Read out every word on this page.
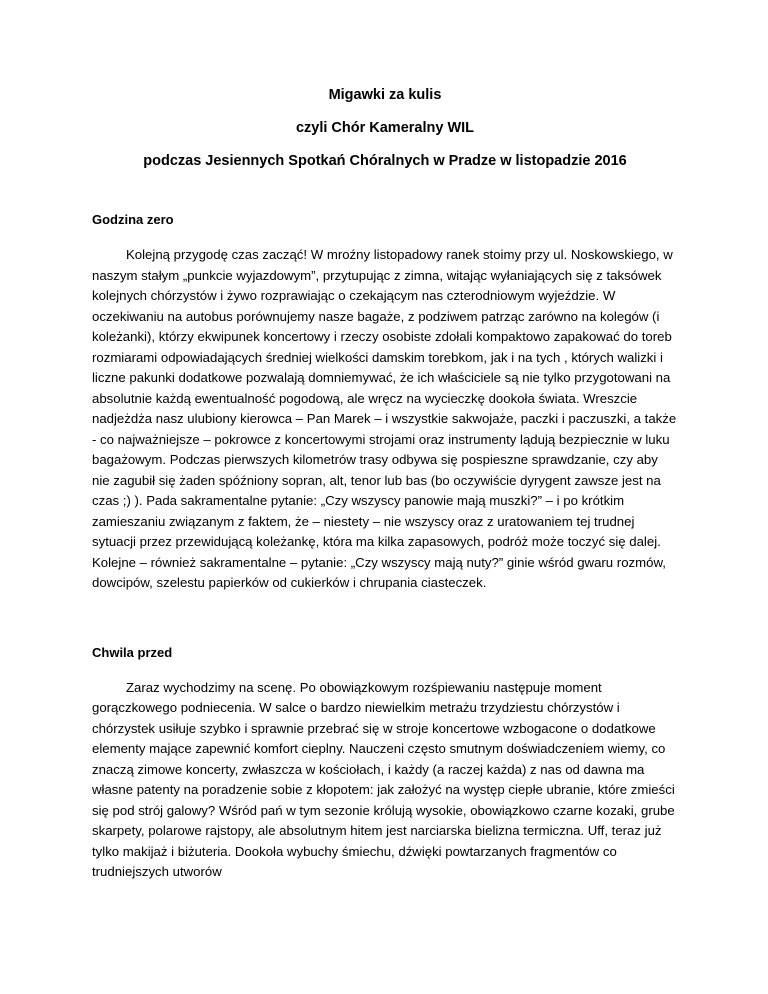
Migawki za kulis

czyli Chór Kameralny WIL

podczas Jesiennych Spotkań Chóralnych w Pradze w listopadzie 2016

Godzina zero

Kolejną przygodę czas zacząć! W mroźny listopadowy ranek stoimy przy ul. Noskowskiego, w naszym stałym „punkcie wyjazdowym”, przytupując z zimna, witając wyłaniających się z taksówek kolejnych chórzystów i żywo rozprawiając o czekającym nas czterodniowym wyjeździe. W oczekiwaniu na autobus porównujemy nasze bagaże, z podziwem patrząc zarówno na kolegów (i koleżanki), którzy ekwipunek koncertowy i rzeczy osobiste zdołali kompaktowo zapakować do toreb rozmiarami odpowiadających średniej wielkości damskim torebkom, jak i na tych , których walizki i liczne pakunki dodatkowe pozwalają domniemywać, że ich właściciele są nie tylko przygotowani na absolutnie każdą ewentualność pogodową, ale wręcz na wycieczkę dookoła świata. Wreszcie nadjeżdża nasz ulubiony kierowca – Pan Marek – i wszystkie sakwojaże, paczki i paczuszki, a także - co najważniejsze – pokrowce z koncertowymi strojami oraz instrumenty lądują bezpiecznie w luku bagażowym. Podczas pierwszych kilometrów trasy odbywa się pospieszne sprawdzanie, czy aby nie zagubił się żaden spóźniony sopran, alt, tenor lub bas (bo oczywiście dyrygent zawsze jest na czas ;) ). Pada sakramentalne pytanie: „Czy wszyscy panowie mają muszki?” – i po krótkim zamieszaniu związanym z faktem, że – niestety – nie wszyscy oraz z uratowaniem tej trudnej sytuacji przez przewidującą koleżankę, która ma kilka zapasowych, podróż może toczyć się dalej. Kolejne – również sakramentalne – pytanie: „Czy wszyscy mają nuty?” ginie wśród gwaru rozmów, dowcipów, szelestu papierków od cukierków i chrupania ciasteczek.

Chwila przed

Zaraz wychodzimy na scenę. Po obowiązkowym rozśpiewaniu następuje moment gorączkowego podniecenia. W salce o bardzo niewielkim metrażu trzydziestu chórzystów i chórzystek usiłuje szybko i sprawnie przebrać się w stroje koncertowe wzbogacone o dodatkowe elementy mające zapewnić komfort cieplny. Nauczeni często smutnym doświadczeniem wiemy, co znaczą zimowe koncerty, zwłaszcza w kościołach, i każdy (a raczej każda) z nas od dawna ma własne patenty na poradzenie sobie z kłopotem: jak założyć na występ ciepłe ubranie, które zmieści się pod strój galowy? Wśród pań w tym sezonie królują wysokie, obowiązkowo czarne kozaki, grube skarpety, polarowe rajstopy, ale absolutnym hitem jest narciarska bielizna termiczna. Uff, teraz już tylko makijaż i biżuteria. Dookoła wybuchy śmiechu, dźwięki powtarzanych fragmentów co trudniejszych utworów
